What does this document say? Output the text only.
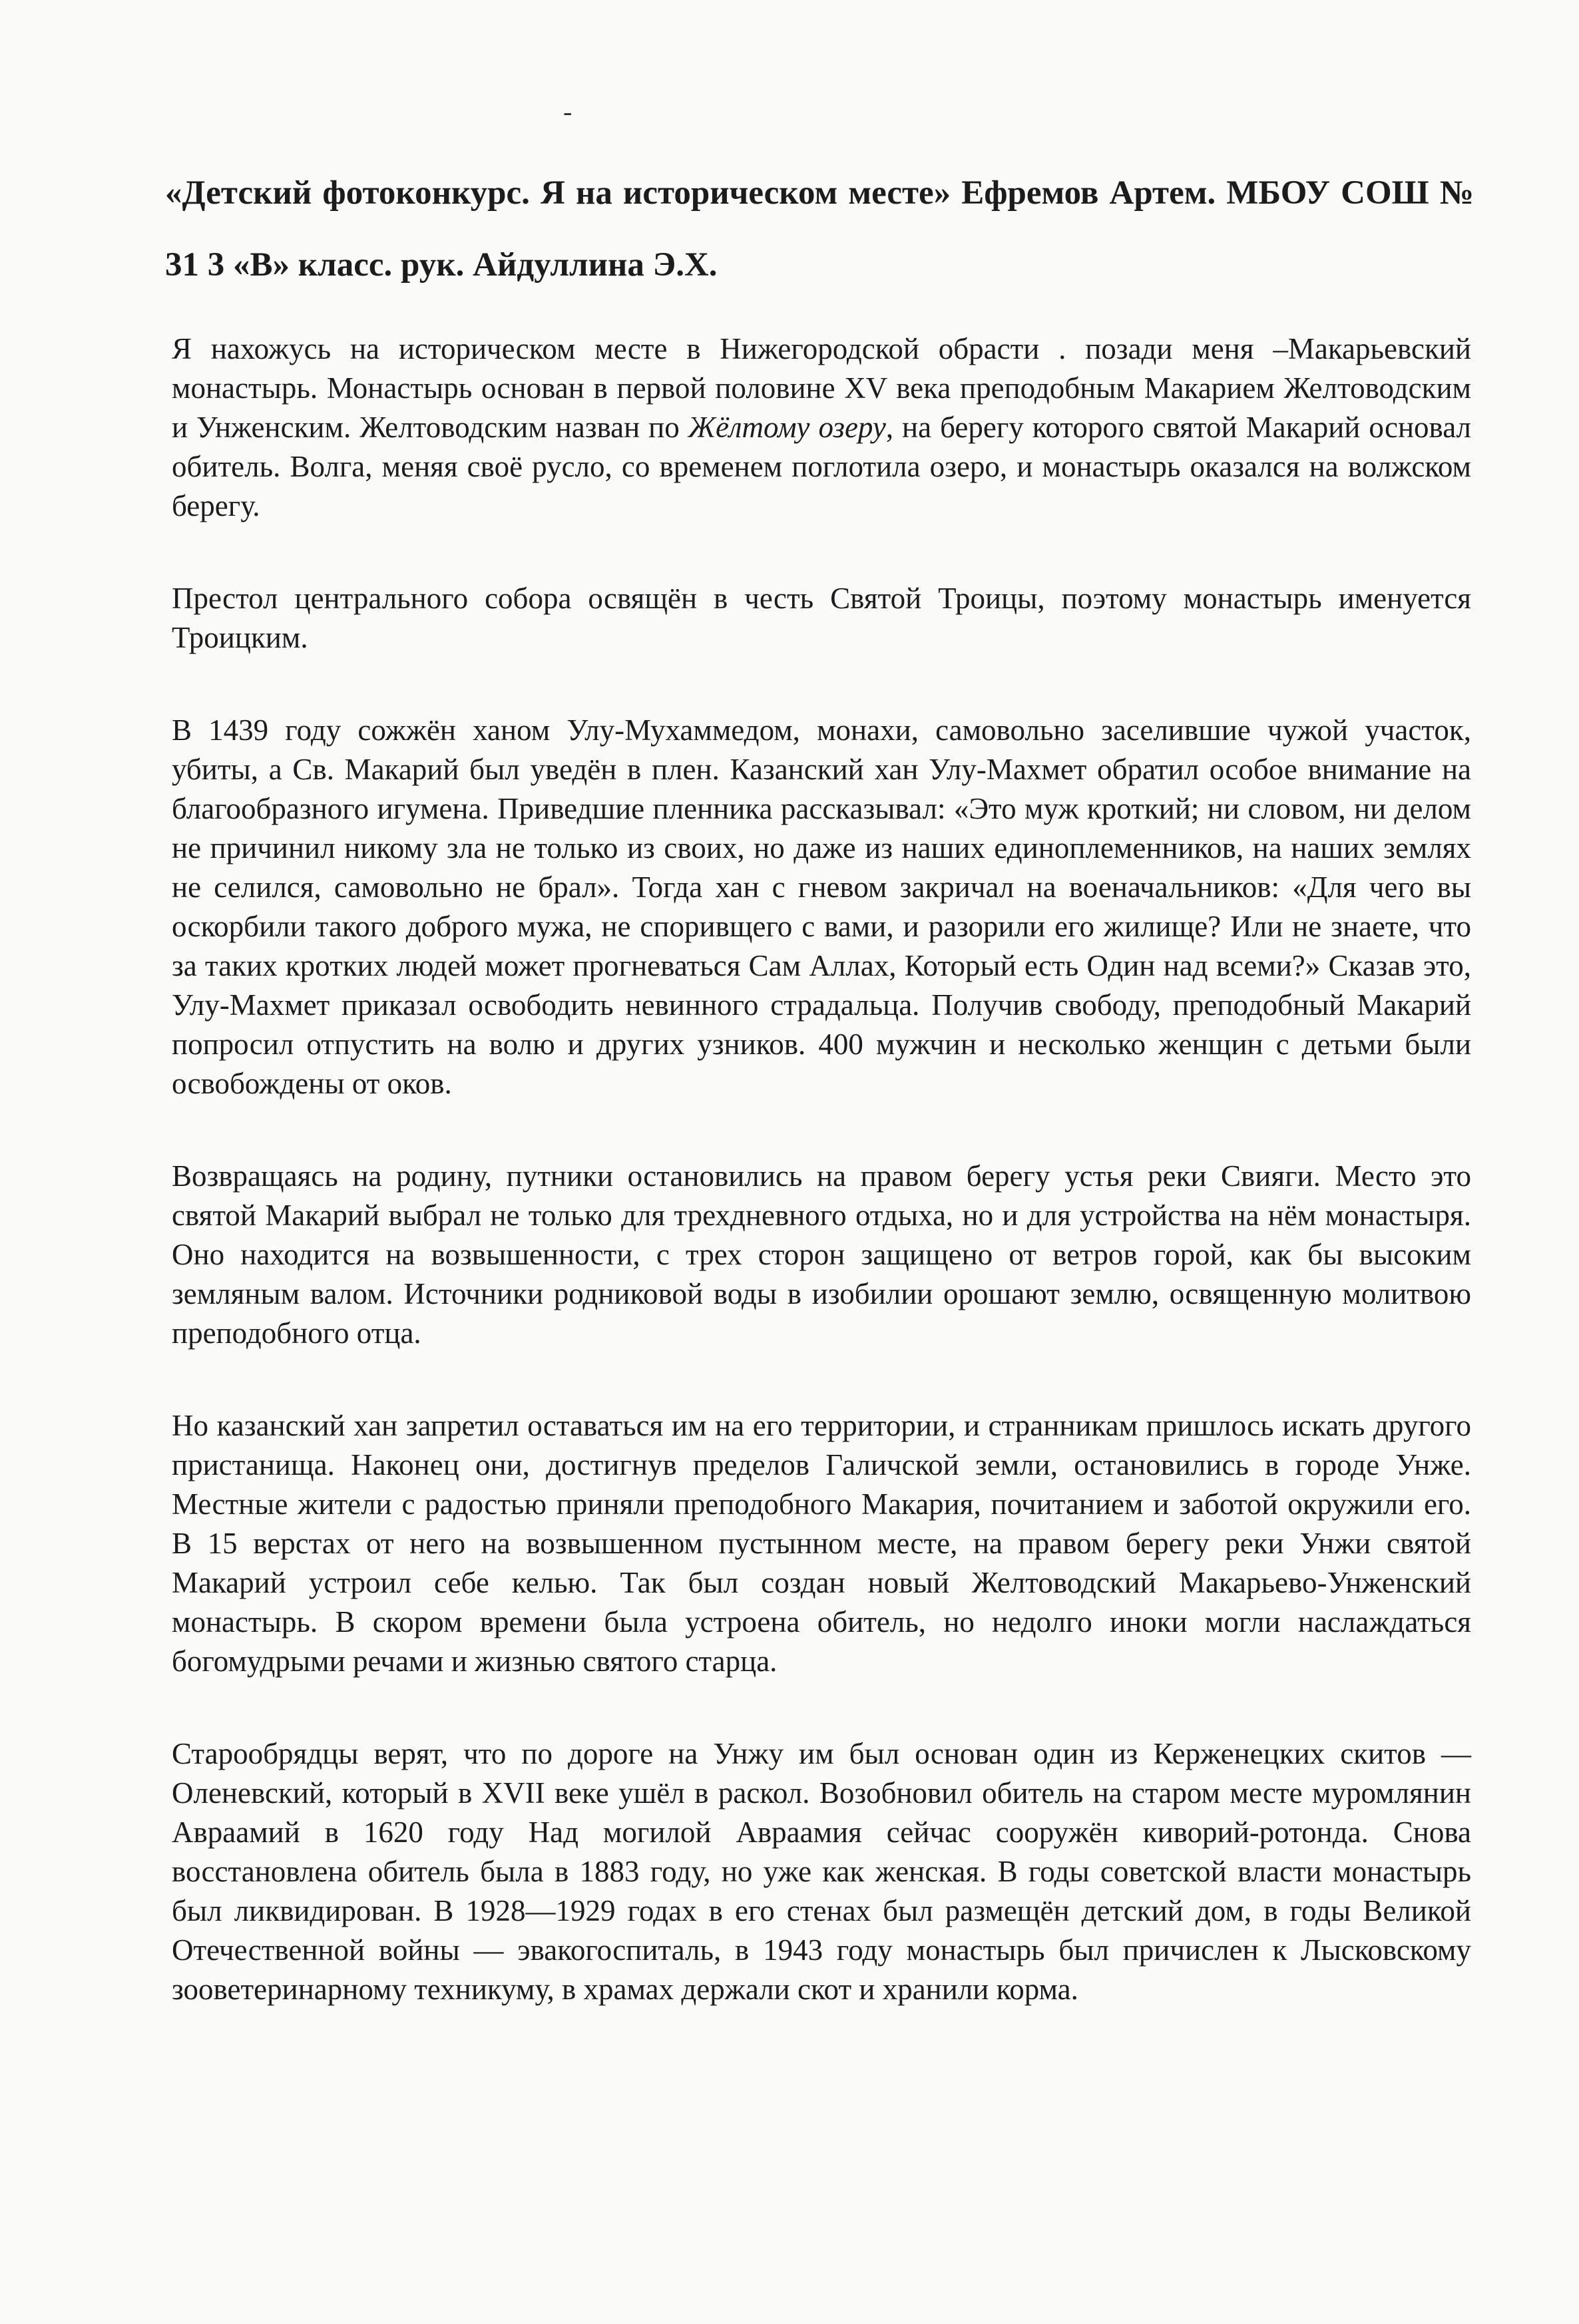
-
«Детский фотоконкурс. Я на историческом месте» Ефремов Артем. МБОУ СОШ № 31 3 «В» класс. рук. Айдуллина Э.Х.

Я нахожусь на историческом месте в Нижегородской обрасти . позади меня –Макарьевский монастырь. Монастырь основан в первой половине XV века преподобным Макарием Желтоводским и Унженским. Желтоводским назван по Жёлтому озеру, на берегу которого святой Макарий основал обитель. Волга, меняя своё русло, со временем поглотила озеро, и монастырь оказался на волжском берегу.

Престол центрального собора освящён в честь Святой Троицы, поэтому монастырь именуется Троицким.

В 1439 году сожжён ханом Улу-Мухаммедом, монахи, самовольно заселившие чужой участок, убиты, а Св. Макарий был уведён в плен. Казанский хан Улу-Махмет обратил особое внимание на благообразного игумена. Приведшие пленника рассказывал: «Это муж кроткий; ни словом, ни делом не причинил никому зла не только из своих, но даже из наших единоплеменников, на наших землях не селился, самовольно не брал». Тогда хан с гневом закричал на военачальников: «Для чего вы оскорбили такого доброго мужа, не споривщего с вами, и разорили его жилище? Или не знаете, что за таких кротких людей может прогневаться Сам Аллах, Который есть Один над всеми?» Сказав это, Улу-Махмет приказал освободить невинного страдальца. Получив свободу, преподобный Макарий попросил отпустить на волю и других узников. 400 мужчин и несколько женщин с детьми были освобождены от оков.

Возвращаясь на родину, путники остановились на правом берегу устья реки Свияги. Место это святой Макарий выбрал не только для трехдневного отдыха, но и для устройства на нём монастыря. Оно находится на возвышенности, с трех сторон защищено от ветров горой, как бы высоким земляным валом. Источники родниковой воды в изобилии орошают землю, освященную молитвою преподобного отца.

Но казанский хан запретил оставаться им на его территории, и странникам пришлось искать другого пристанища. Наконец они, достигнув пределов Галичской земли, остановились в городе Унже. Местные жители с радостью приняли преподобного Макария, почитанием и заботой окружили его. В 15 верстах от него на возвышенном пустынном месте, на правом берегу реки Унжи святой Макарий устроил себе келью. Так был создан новый Желтоводский Макарьево-Унженский монастырь. В скором времени была устроена обитель, но недолго иноки могли наслаждаться богомудрыми речами и жизнью святого старца.

Старообрядцы верят, что по дороге на Унжу им был основан один из Керженецких скитов — Оленевский, который в XVII веке ушёл в раскол. Возобновил обитель на старом месте муромлянин Авраамий в 1620 году Над могилой Авраамия сейчас сооружён киворий-ротонда. Снова восстановлена обитель была в 1883 году, но уже как женская. В годы советской власти монастырь был ликвидирован. В 1928—1929 годах в его стенах был размещён детский дом, в годы Великой Отечественной войны — эвакогоспиталь, в 1943 году монастырь был причислен к Лысковскому зооветеринарному техникуму, в храмах держали скот и хранили корма.
